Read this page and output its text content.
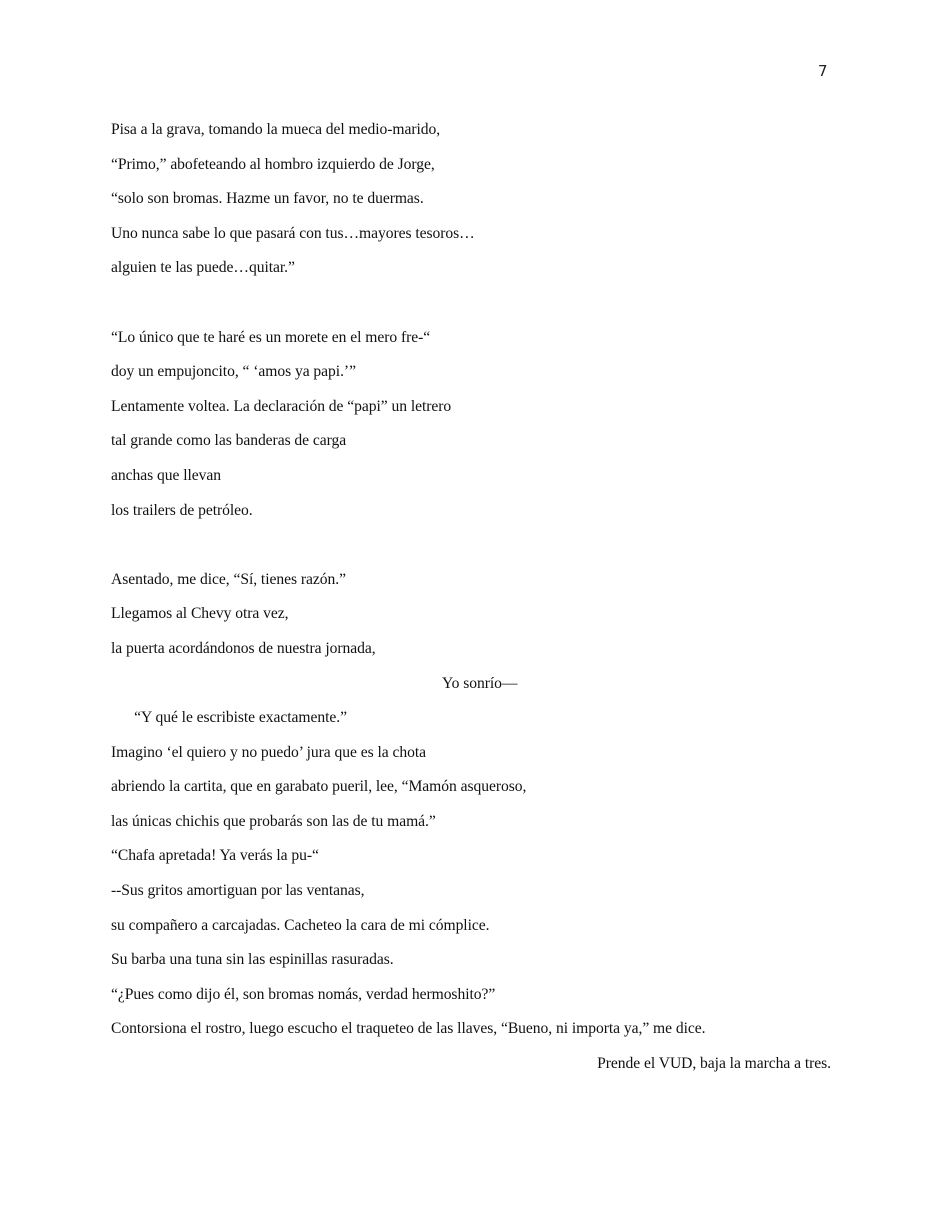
7
Pisa a la grava, tomando la mueca del medio-marido,
“Primo,” abofeteando al hombro izquierdo de Jorge,
“solo son bromas. Hazme un favor, no te duermas.
Uno nunca sabe lo que pasará con tus…mayores tesoros…
alguien te las puede…quitar.”
“Lo único que te haré es un morete en el mero fre-“
doy un empujoncito, “ ‘amos ya papi.’”
Lentamente voltea. La declaración de “papi” un letrero
tal grande como las banderas de carga
anchas que llevan
los trailers de petróleo.
Asentado, me dice, “Sí, tienes razón.”
Llegamos al Chevy otra vez,
la puerta acordándonos de nuestra jornada,

“Y qué le escribiste exactamente.”

Yo sonrío—

Imagino ‘el quiero y no puedo’ jura que es la chota
abriendo la cartita, que en garabato pueril, lee, “Mamón asqueroso,
las únicas chichis que probarás son las de tu mamá.”
“Chafa apretada! Ya verás la pu-“
--Sus gritos amortiguan por las ventanas,
su compañero a carcajadas. Cacheteo la cara de mi cómplice.
Su barba una tuna sin las espinillas rasuradas.
“¿Pues como dijo él, son bromas nomás, verdad hermoshito?”
Contorsiona el rostro, luego escucho el traqueteo de las llaves, “Bueno, ni importa ya,” me dice.
Prende el VUD, baja la marcha a tres.
